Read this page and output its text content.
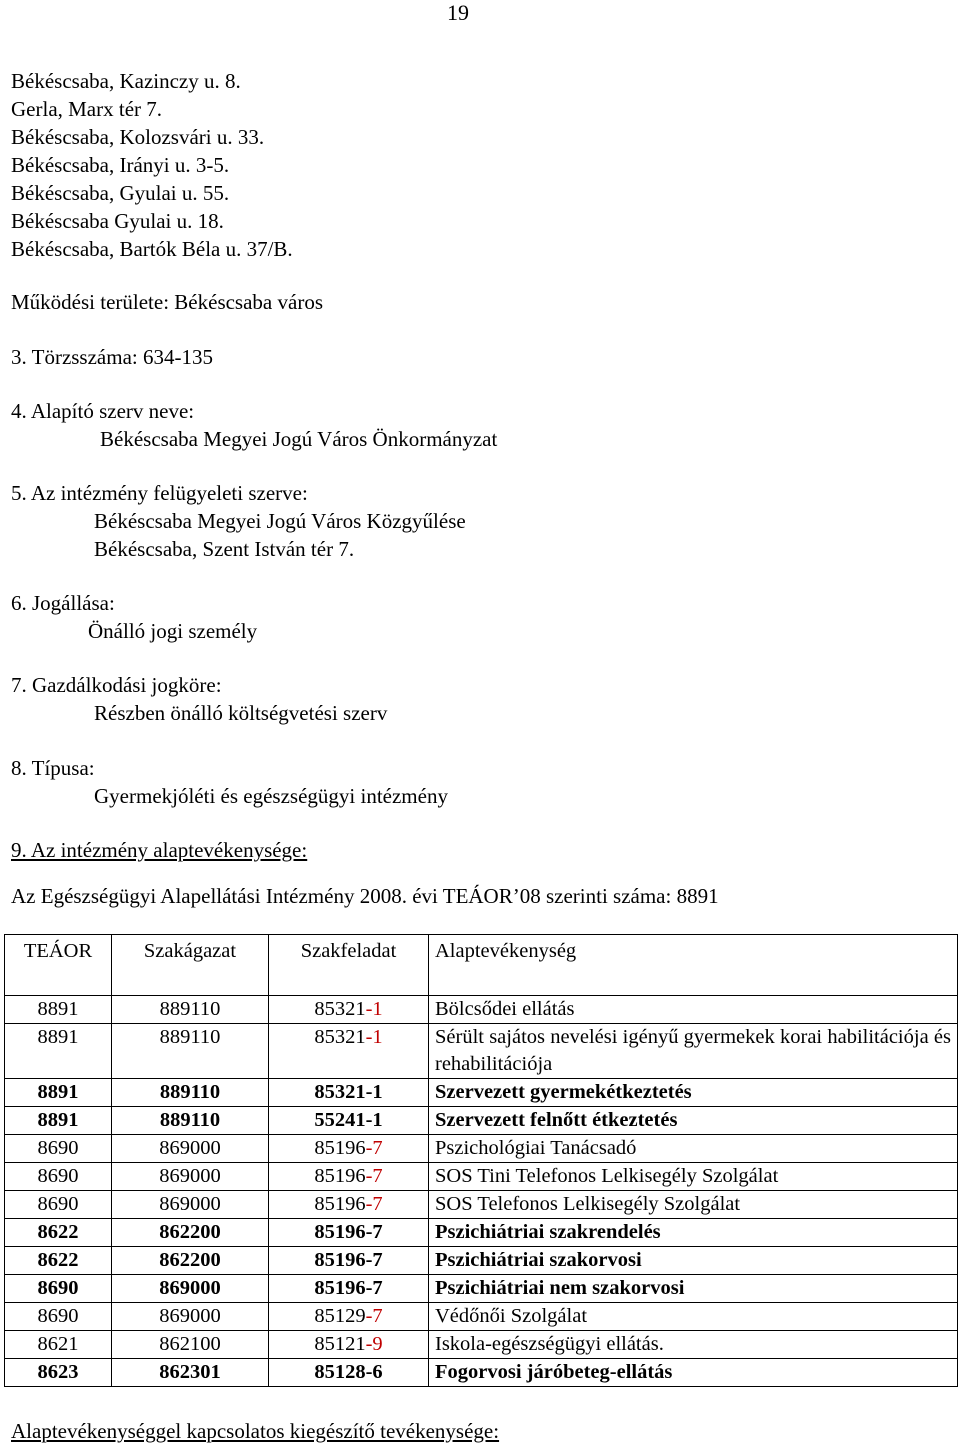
19
Békéscsaba, Kazinczy u. 8.
Gerla, Marx tér 7.
Békéscsaba, Kolozsvári u. 33.
Békéscsaba, Irányi u. 3-5.
Békéscsaba, Gyulai u. 55.
Békéscsaba Gyulai u. 18.
Békéscsaba, Bartók Béla u. 37/B.
Működési területe: Békéscsaba város
3. Törzsszáma: 634-135
4. Alapító szerv neve:
Békéscsaba Megyei Jogú Város Önkormányzat
5. Az intézmény felügyeleti szerve:
Békéscsaba Megyei Jogú Város Közgyűlése
Békéscsaba, Szent István tér 7.
6. Jogállása:
Önálló jogi személy
7. Gazdálkodási jogköre:
Részben önálló költségvetési szerv
8. Típusa:
Gyermekjóléti és egészségügyi intézmény
9. Az intézmény alaptevékenysége:
Az Egészségügyi Alapellátási Intézmény 2008. évi TEÁOR’08 szerinti száma: 8891
TEÁOR	Szakágazat	Szakfeladat	Alaptevékenység
8891	889110	85321-1	Bölcsődei ellátás
8891	889110	85321-1	Sérült sajátos nevelési igényű gyermekek korai habilitációja és rehabilitációja
8891	889110	85321-1	Szervezett gyermekétkeztetés
8891	889110	55241-1	Szervezett felnőtt étkeztetés
8690	869000	85196-7	Pszichológiai Tanácsadó
8690	869000	85196-7	SOS Tini Telefonos Lelkisegély Szolgálat
8690	869000	85196-7	SOS Telefonos Lelkisegély Szolgálat
8622	862200	85196-7	Pszichiátriai szakrendelés
8622	862200	85196-7	Pszichiátriai szakorvosi
8690	869000	85196-7	Pszichiátriai nem szakorvosi
8690	869000	85129-7	Védőnői Szolgálat
8621	862100	85121-9	Iskola-egészségügyi ellátás.
8623	862301	85128-6	Fogorvosi járóbeteg-ellátás
Alaptevékenységgel kapcsolatos kiegészítő tevékenysége:
